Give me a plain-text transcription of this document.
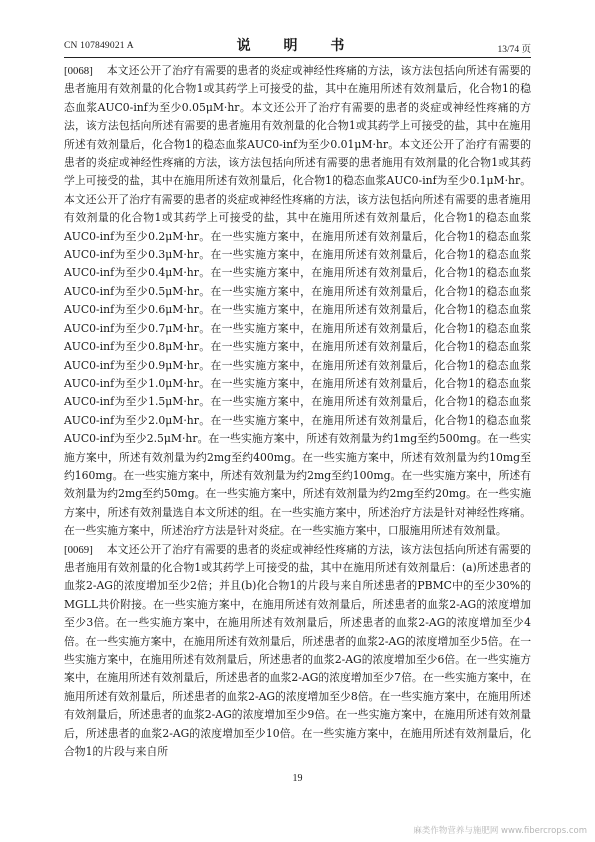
CN 107849021 A	说 明 书	13/74 页

[0068] 本文还公开了治疗有需要的患者的炎症或神经性疼痛的方法，该方法包括向所述有需要的患者施用有效剂量的化合物1或其药学上可接受的盐，其中在施用所述有效剂量后，化合物1的稳态血浆AUC0-inf为至少0.05μM·hr。本文还公开了治疗有需要的患者的炎症或神经性疼痛的方法，该方法包括向所述有需要的患者施用有效剂量的化合物1或其药学上可接受的盐，其中在施用所述有效剂量后，化合物1的稳态血浆AUC0-inf为至少0.01μM·hr。本文还公开了治疗有需要的患者的炎症或神经性疼痛的方法，该方法包括向所述有需要的患者施用有效剂量的化合物1或其药学上可接受的盐，其中在施用所述有效剂量后，化合物1的稳态血浆AUC0-inf为至少0.1μM·hr。本文还公开了治疗有需要的患者的炎症或神经性疼痛的方法，该方法包括向所述有需要的患者施用有效剂量的化合物1或其药学上可接受的盐，其中在施用所述有效剂量后，化合物1的稳态血浆AUC0-inf为至少0.2μM·hr。在一些实施方案中，在施用所述有效剂量后，化合物1的稳态血浆AUC0-inf为至少0.3μM·hr。在一些实施方案中，在施用所述有效剂量后，化合物1的稳态血浆AUC0-inf为至少0.4μM·hr。在一些实施方案中，在施用所述有效剂量后，化合物1的稳态血浆AUC0-inf为至少0.5μM·hr。在一些实施方案中，在施用所述有效剂量后，化合物1的稳态血浆AUC0-inf为至少0.6μM·hr。在一些实施方案中，在施用所述有效剂量后，化合物1的稳态血浆AUC0-inf为至少0.7μM·hr。在一些实施方案中，在施用所述有效剂量后，化合物1的稳态血浆AUC0-inf为至少0.8μM·hr。在一些实施方案中，在施用所述有效剂量后，化合物1的稳态血浆AUC0-inf为至少0.9μM·hr。在一些实施方案中，在施用所述有效剂量后，化合物1的稳态血浆AUC0-inf为至少1.0μM·hr。在一些实施方案中，在施用所述有效剂量后，化合物1的稳态血浆AUC0-inf为至少1.5μM·hr。在一些实施方案中，在施用所述有效剂量后，化合物1的稳态血浆AUC0-inf为至少2.0μM·hr。在一些实施方案中，在施用所述有效剂量后，化合物1的稳态血浆AUC0-inf为至少2.5μM·hr。在一些实施方案中，所述有效剂量为约1mg至约500mg。在一些实施方案中，所述有效剂量为约2mg至约400mg。在一些实施方案中，所述有效剂量为约10mg至约160mg。在一些实施方案中，所述有效剂量为约2mg至约100mg。在一些实施方案中，所述有效剂量为约2mg至约50mg。在一些实施方案中，所述有效剂量为约2mg至约20mg。在一些实施方案中，所述有效剂量选自本文所述的组。在一些实施方案中，所述治疗方法是针对神经性疼痛。在一些实施方案中，所述治疗方法是针对炎症。在一些实施方案中，口服施用所述有效剂量。

[0069] 本文还公开了治疗有需要的患者的炎症或神经性疼痛的方法，该方法包括向所述有需要的患者施用有效剂量的化合物1或其药学上可接受的盐，其中在施用所述有效剂量后：(a)所述患者的血浆2-AG的浓度增加至少2倍；并且(b)化合物1的片段与来自所述患者的PBMC中的至少30%的MGLL共价附接。在一些实施方案中，在施用所述有效剂量后，所述患者的血浆2-AG的浓度增加至少3倍。在一些实施方案中，在施用所述有效剂量后，所述患者的血浆2-AG的浓度增加至少4倍。在一些实施方案中，在施用所述有效剂量后，所述患者的血浆2-AG的浓度增加至少5倍。在一些实施方案中，在施用所述有效剂量后，所述患者的血浆2-AG的浓度增加至少6倍。在一些实施方案中，在施用所述有效剂量后，所述患者的血浆2-AG的浓度增加至少7倍。在一些实施方案中，在施用所述有效剂量后，所述患者的血浆2-AG的浓度增加至少8倍。在一些实施方案中，在施用所述有效剂量后，所述患者的血浆2-AG的浓度增加至少9倍。在一些实施方案中，在施用所述有效剂量后，所述患者的血浆2-AG的浓度增加至少10倍。在一些实施方案中，在施用所述有效剂量后，化合物1的片段与来自所

19
麻类作物营养与施肥网 www.fibercrops.com
